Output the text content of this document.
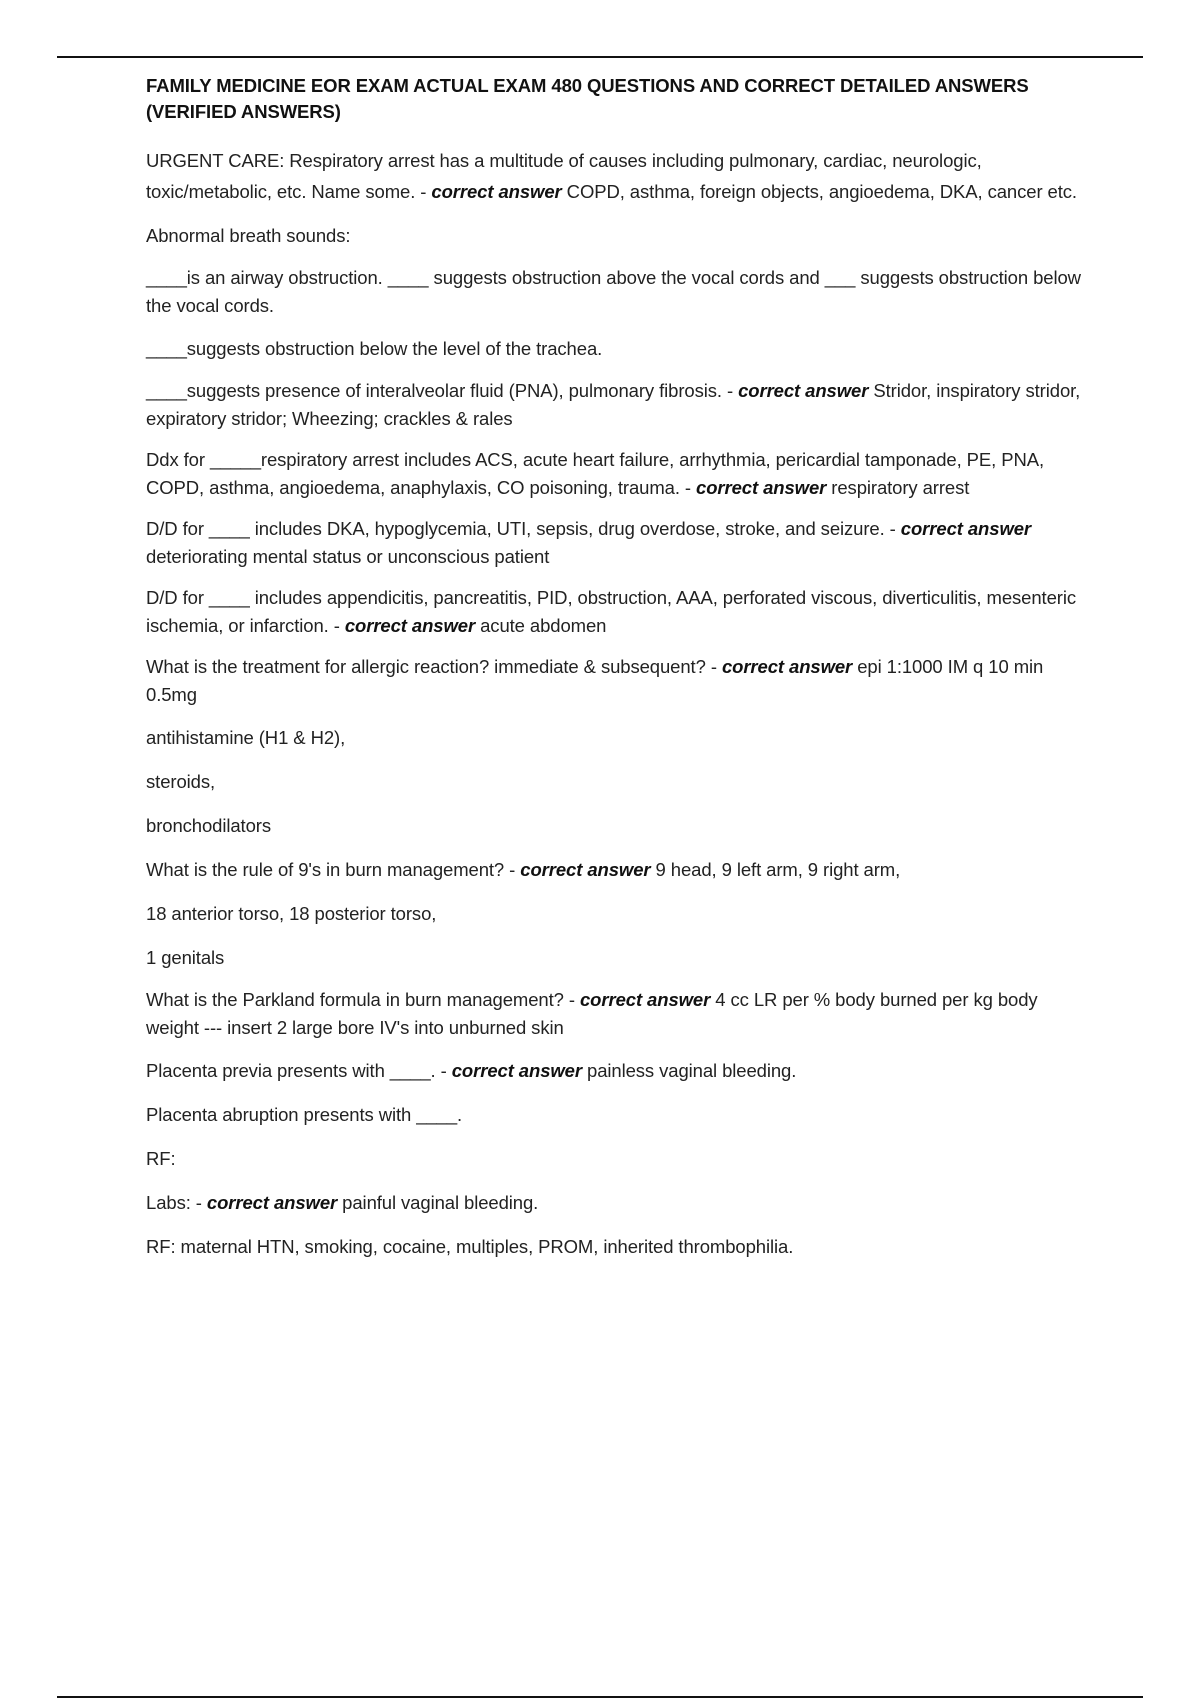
FAMILY MEDICINE EOR EXAM ACTUAL EXAM 480 QUESTIONS AND CORRECT DETAILED ANSWERS
(VERIFIED ANSWERS)

URGENT CARE: Respiratory arrest has a multitude of causes including pulmonary, cardiac, neurologic, toxic/metabolic, etc. Name some. - correct answer COPD, asthma, foreign objects, angioedema, DKA, cancer etc.

Abnormal breath sounds:

____is an airway obstruction. ____ suggests obstruction above the vocal cords and ___ suggests obstruction below the vocal cords.

____suggests obstruction below the level of the trachea.

____suggests presence of interalveolar fluid (PNA), pulmonary fibrosis. - correct answer Stridor, inspiratory stridor, expiratory stridor; Wheezing; crackles & rales

Ddx for _____respiratory arrest includes ACS, acute heart failure, arrhythmia, pericardial tamponade, PE, PNA, COPD, asthma, angioedema, anaphylaxis, CO poisoning, trauma. - correct answer respiratory arrest

D/D for ____ includes DKA, hypoglycemia, UTI, sepsis, drug overdose, stroke, and seizure. - correct answer deteriorating mental status or unconscious patient

D/D for ____ includes appendicitis, pancreatitis, PID, obstruction, AAA, perforated viscous, diverticulitis, mesenteric ischemia, or infarction. - correct answer acute abdomen

What is the treatment for allergic reaction? immediate & subsequent? - correct answer epi 1:1000 IM q 10 min 0.5mg

antihistamine (H1 & H2),

steroids,

bronchodilators

What is the rule of 9's in burn management? - correct answer 9 head, 9 left arm, 9 right arm,

18 anterior torso, 18 posterior torso,

1 genitals

What is the Parkland formula in burn management? - correct answer 4 cc LR per % body burned per kg body weight --- insert 2 large bore IV's into unburned skin

Placenta previa presents with ____. - correct answer painless vaginal bleeding.

Placenta abruption presents with ____.

RF:

Labs: - correct answer painful vaginal bleeding.

RF: maternal HTN, smoking, cocaine, multiples, PROM, inherited thrombophilia.
